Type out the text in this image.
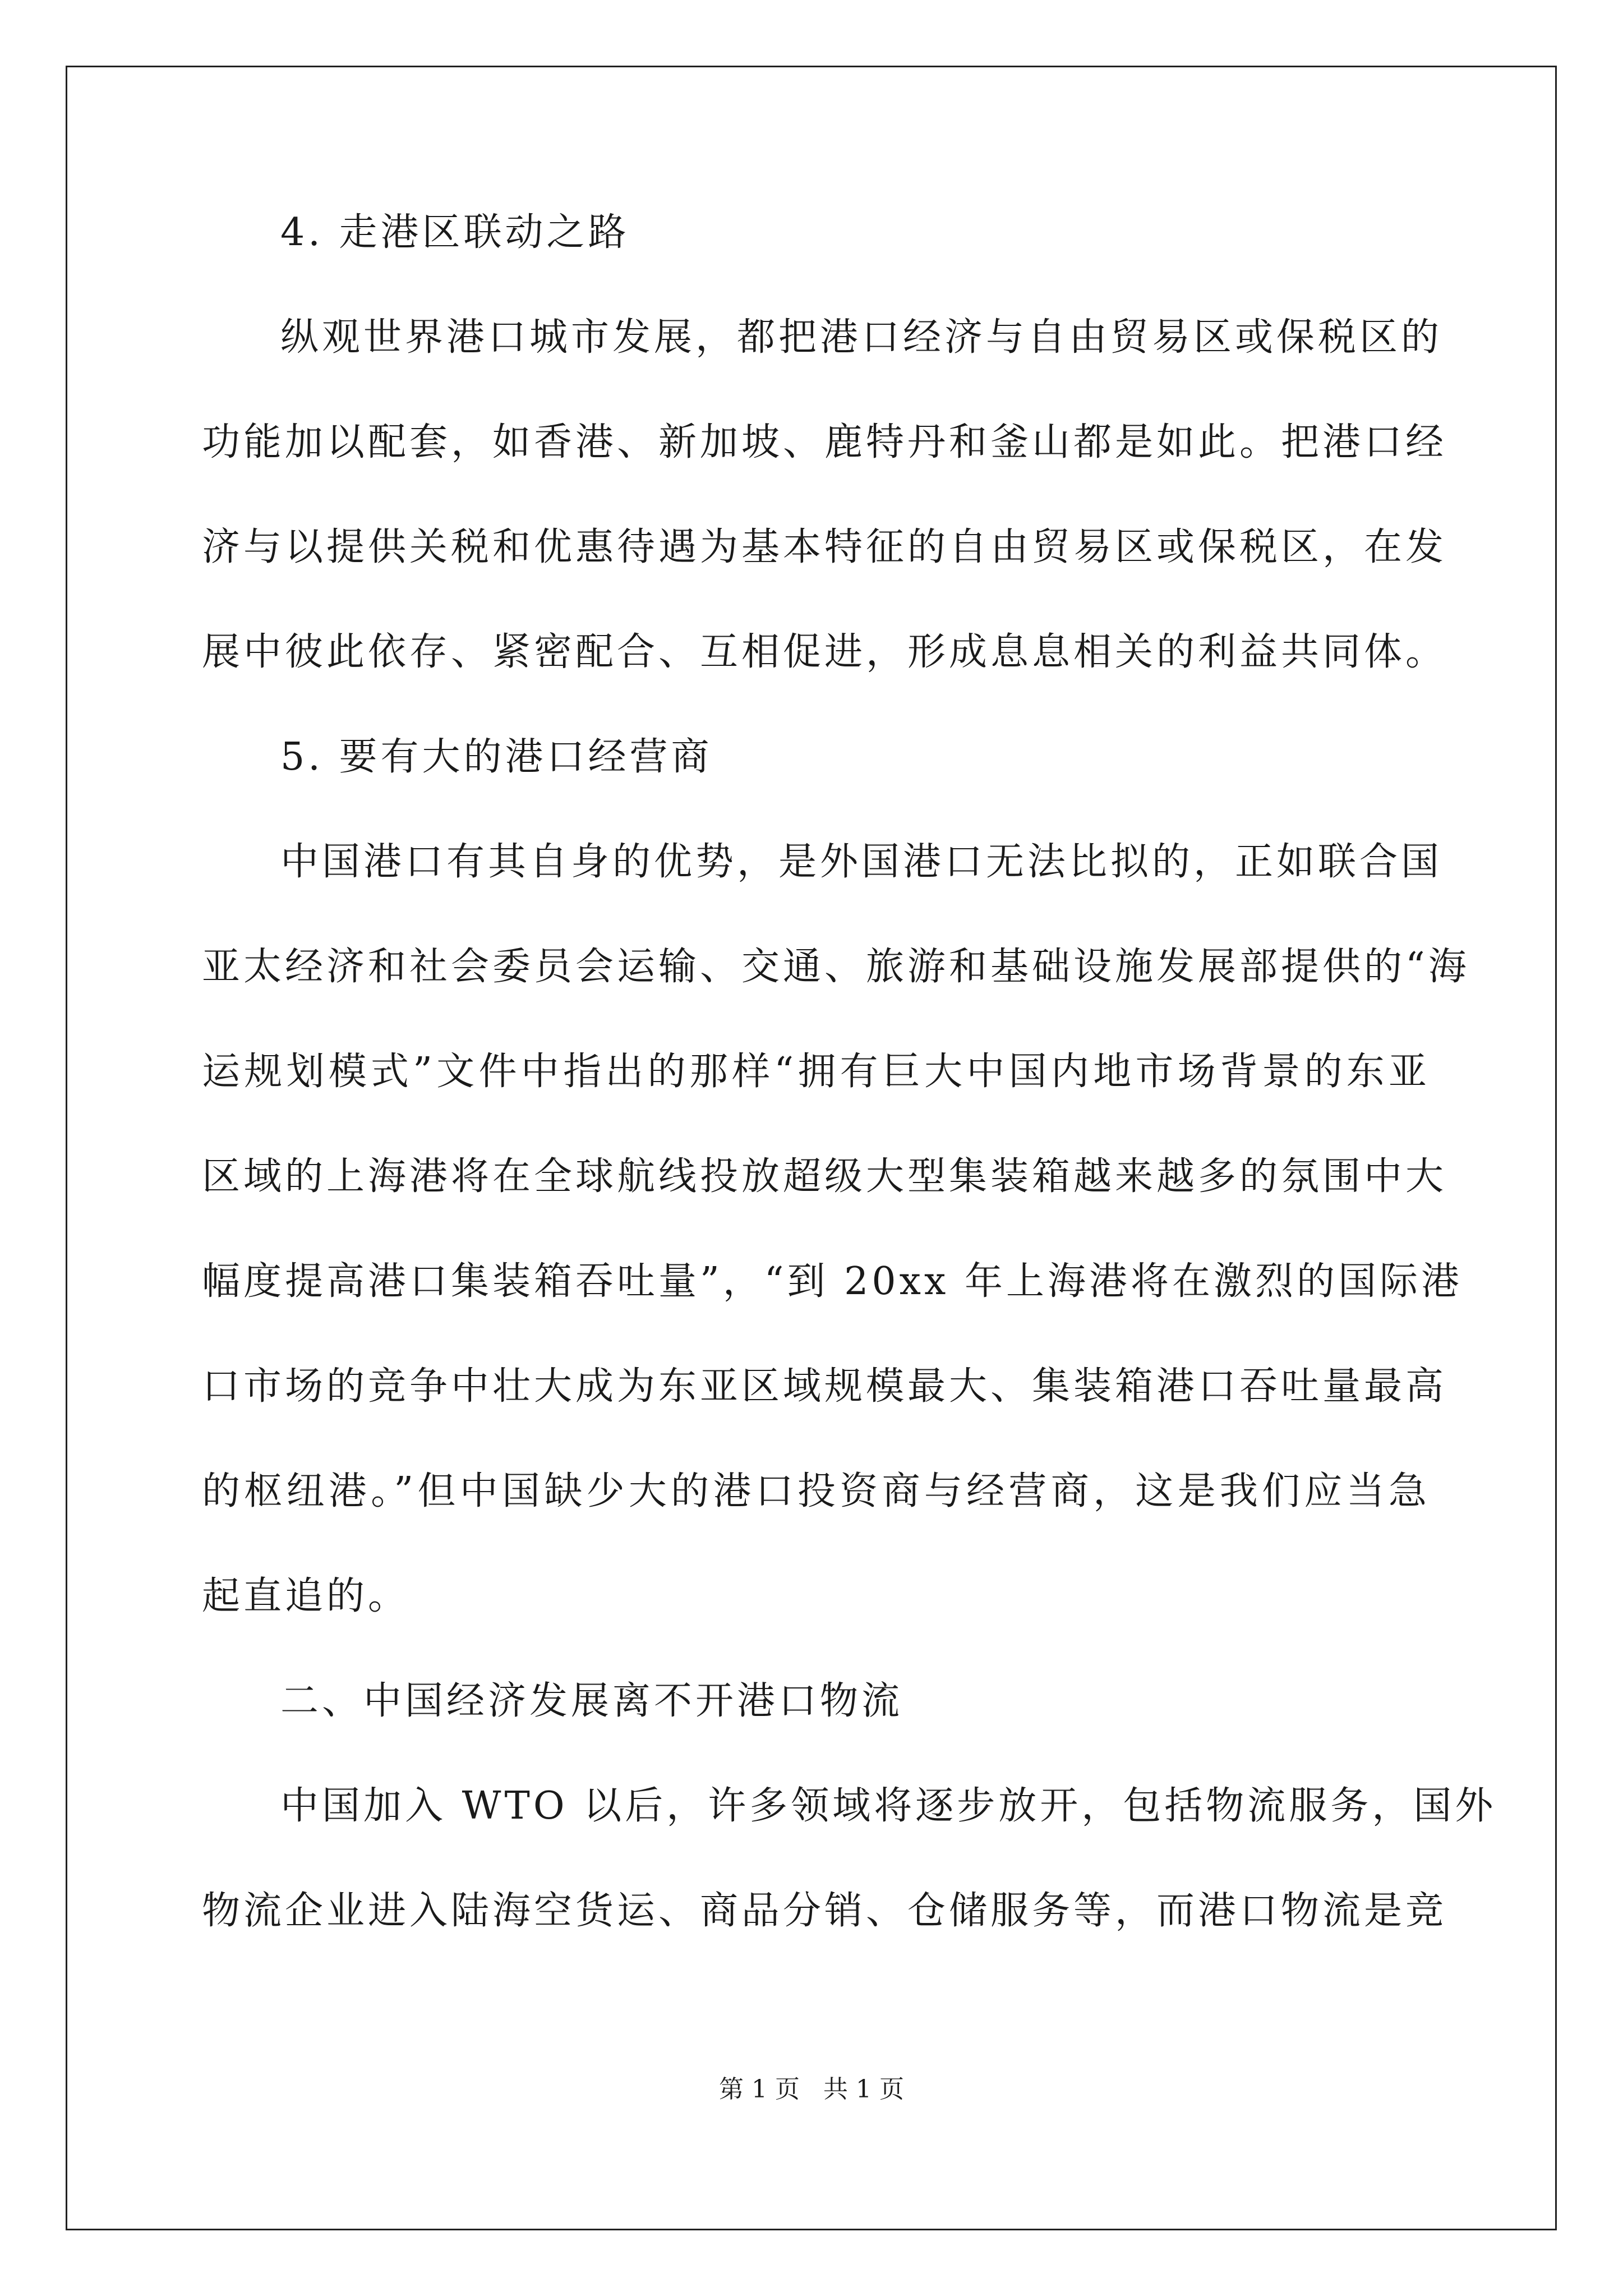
4. 走港区联动之路
纵观世界港口城市发展，都把港口经济与自由贸易区或保税区的
功能加以配套，如香港、新加坡、鹿特丹和釜山都是如此。把港口经
济与以提供关税和优惠待遇为基本特征的自由贸易区或保税区，在发
展中彼此依存、紧密配合、互相促进，形成息息相关的利益共同体。
5. 要有大的港口经营商
中国港口有其自身的优势，是外国港口无法比拟的，正如联合国
亚太经济和社会委员会运输、交通、旅游和基础设施发展部提供的“海
运规划模式”文件中指出的那样“拥有巨大中国内地市场背景的东亚
区域的上海港将在全球航线投放超级大型集装箱越来越多的氛围中大
幅度提高港口集装箱吞吐量”，“到 20xx 年上海港将在激烈的国际港
口市场的竞争中壮大成为东亚区域规模最大、集装箱港口吞吐量最高
的枢纽港。”但中国缺少大的港口投资商与经营商，这是我们应当急
起直追的。
二、中国经济发展离不开港口物流
中国加入 WTO 以后，许多领域将逐步放开，包括物流服务，国外
物流企业进入陆海空货运、商品分销、仓储服务等，而港口物流是竞
第 1 页 共 1 页
